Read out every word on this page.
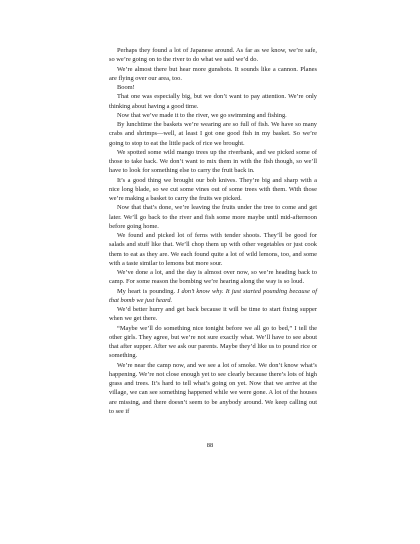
Perhaps they found a lot of Japanese around. As far as we know, we’re safe, so we’re going on to the river to do what we said we’d do.

We’re almost there but hear more gunshots. It sounds like a cannon. Planes are flying over our area, too.

Boom!

That one was especially big, but we don’t want to pay attention. We’re only thinking about having a good time.

Now that we’ve made it to the river, we go swimming and fishing.

By lunchtime the baskets we’re wearing are so full of fish. We have so many crabs and shrimps—well, at least I got one good fish in my basket. So we’re going to stop to eat the little pack of rice we brought.

We spotted some wild mango trees up the riverbank, and we picked some of those to take back. We don’t want to mix them in with the fish though, so we’ll have to look for something else to carry the fruit back in.

It’s a good thing we brought our bob knives. They’re big and sharp with a nice long blade, so we cut some vines out of some trees with them. With those we’re making a basket to carry the fruits we picked.

Now that that’s done, we’re leaving the fruits under the tree to come and get later. We’ll go back to the river and fish some more maybe until mid-afternoon before going home.

We found and picked lot of ferns with tender shoots. They’ll be good for salads and stuff like that. We’ll chop them up with other vegetables or just cook them to eat as they are. We each found quite a lot of wild lemons, too, and some with a taste similar to lemons but more sour.

We’ve done a lot, and the day is almost over now, so we’re heading back to camp. For some reason the bombing we’re hearing along the way is so loud.

My heart is pounding. I don’t know why. It just started pounding because of that bomb we just heard.

We’d better hurry and get back because it will be time to start fixing supper when we get there.

“Maybe we’ll do something nice tonight before we all go to bed,” I tell the other girls. They agree, but we’re not sure exactly what. We’ll have to see about that after supper. After we ask our parents. Maybe they’d like us to pound rice or something.

We’re near the camp now, and we see a lot of smoke. We don’t know what’s happening. We’re not close enough yet to see clearly because there’s lots of high grass and trees. It’s hard to tell what’s going on yet. Now that we arrive at the village, we can see something happened while we were gone. A lot of the houses are missing, and there doesn’t seem to be anybody around. We keep calling out to see if

88
